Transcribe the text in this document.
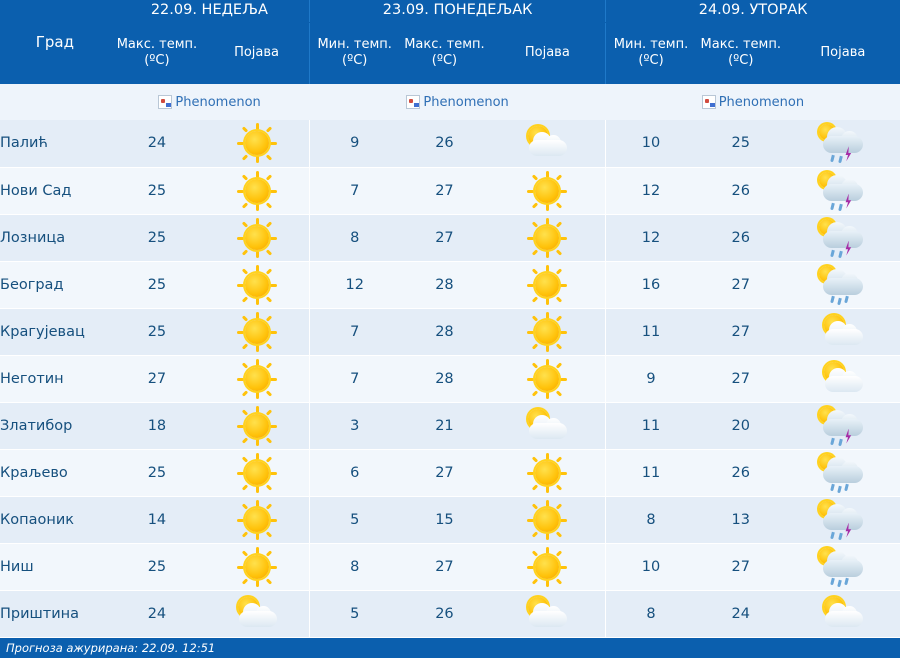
Град	22.09. НЕДЕЉА		23.09. ПОНЕДЕЉАК			24.09. УТОРАК		
	Макс. темп. (ºC)	Појава	Мин. темп. (ºC)	Макс. темп. (ºC)	Појава	Мин. темп. (ºC)	Макс. темп. (ºC)	Појава

	Phenomenon		Phenomenon			Phenomenon		

Палић	24		9	26		10	25	

Нови Сад	25		7	27		12	26	

Лозница	25		8	27		12	26	

Београд	25		12	28		16	27	

Крагујевац	25		7	28		11	27	

Неготин	27		7	28		9	27	

Златибор	18		3	21		11	20	

Краљево	25		6	27		11	26	

Копаоник	14		5	15		8	13	

Ниш	25		8	27		10	27	

Приштина	24		5	26		8	24	
Прогноза ажурирана: 22.09. 12:51
